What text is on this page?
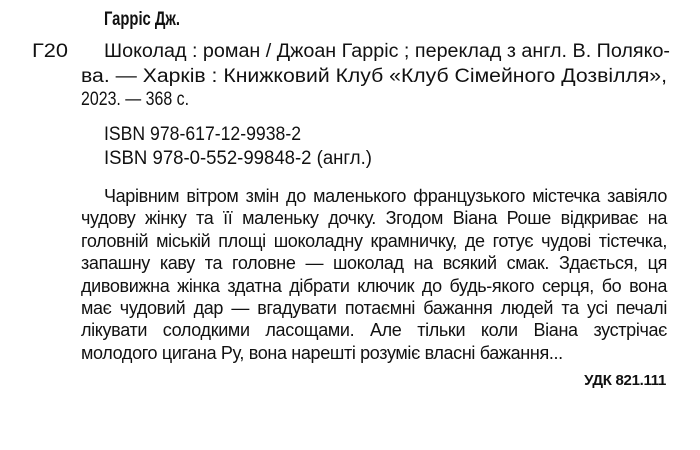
Гарріс Дж.
Г20 Шоколад : роман / Джоан Гарріс ; переклад з англ. В. Поляко-
ва. — Харків : Книжковий Клуб «Клуб Сімейного Дозвілля»,
2023. — 368 с.
ISBN 978-617-12-9938-2
ISBN 978-0-552-99848-2 (англ.)
Чарівним вітром змін до маленького французького містечка завіяло чудову жінку та її маленьку дочку. Згодом Віана Роше відкриває на головній міській площі шоколадну крамничку, де готує чудові тістечка, запашну каву та головне — шоколад на всякий смак. Здається, ця дивовижна жінка здатна дібрати ключик до будь-якого серця, бо вона має чудовий дар — вгадувати потаємні бажання людей та усі печалі лікувати солодкими ласощами. Але тільки коли Віана зустрічає молодого цигана Ру, вона нарешті розуміє власні бажання...
УДК 821.111
